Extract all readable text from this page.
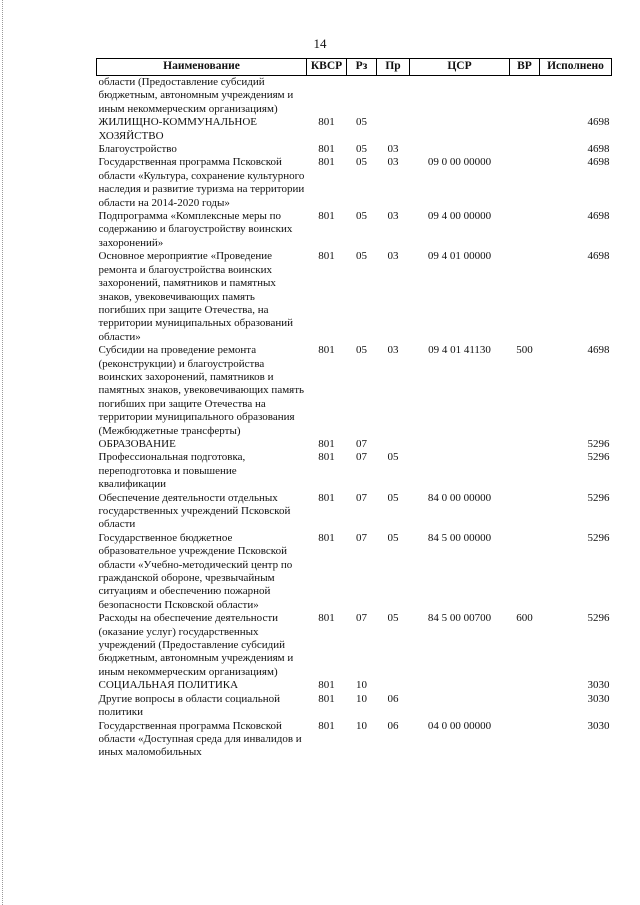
14
Наименование	КВСР	Рз	Пр	ЦСР	ВР	Исполнено
области (Предоставление субсидий бюджетным, автономным учреждениям и иным некоммерческим организациям)						
ЖИЛИЩНО-КОММУНАЛЬНОЕ ХОЗЯЙСТВО	801	05				4698
Благоустройство	801	05	03			4698
Государственная программа Псковской области «Культура, сохранение культурного наследия и развитие туризма на территории области на 2014-2020 годы»	801	05	03	09 0 00 00000		4698
Подпрограмма «Комплексные меры по содержанию и благоустройству воинских захоронений»	801	05	03	09 4 00 00000		4698
Основное мероприятие «Проведение ремонта и благоустройства воинских захоронений, памятников и памятных знаков, увековечивающих память погибших при защите Отечества, на территории муниципальных образований области»	801	05	03	09 4 01 00000		4698
Субсидии на проведение ремонта (реконструкции) и благоустройства воинских захоронений, памятников и памятных знаков, увековечивающих память погибших при защите Отечества на территории муниципального образования (Межбюджетные трансферты)	801	05	03	09 4 01 41130	500	4698
ОБРАЗОВАНИЕ	801	07				5296
Профессиональная подготовка, переподготовка и повышение квалификации	801	07	05			5296
Обеспечение деятельности отдельных государственных учреждений Псковской области	801	07	05	84 0 00 00000		5296
Государственное бюджетное образовательное учреждение Псковской области «Учебно-методический центр по гражданской обороне, чрезвычайным ситуациям и обеспечению пожарной безопасности Псковской области»	801	07	05	84 5 00 00000		5296
Расходы на обеспечение деятельности (оказание услуг) государственных учреждений (Предоставление субсидий бюджетным, автономным учреждениям и иным некоммерческим организациям)	801	07	05	84 5 00 00700	600	5296
СОЦИАЛЬНАЯ ПОЛИТИКА	801	10				3030
Другие вопросы в области социальной политики	801	10	06			3030
Государственная программа Псковской области «Доступная среда для инвалидов и иных маломобильных	801	10	06	04 0 00 00000		3030
